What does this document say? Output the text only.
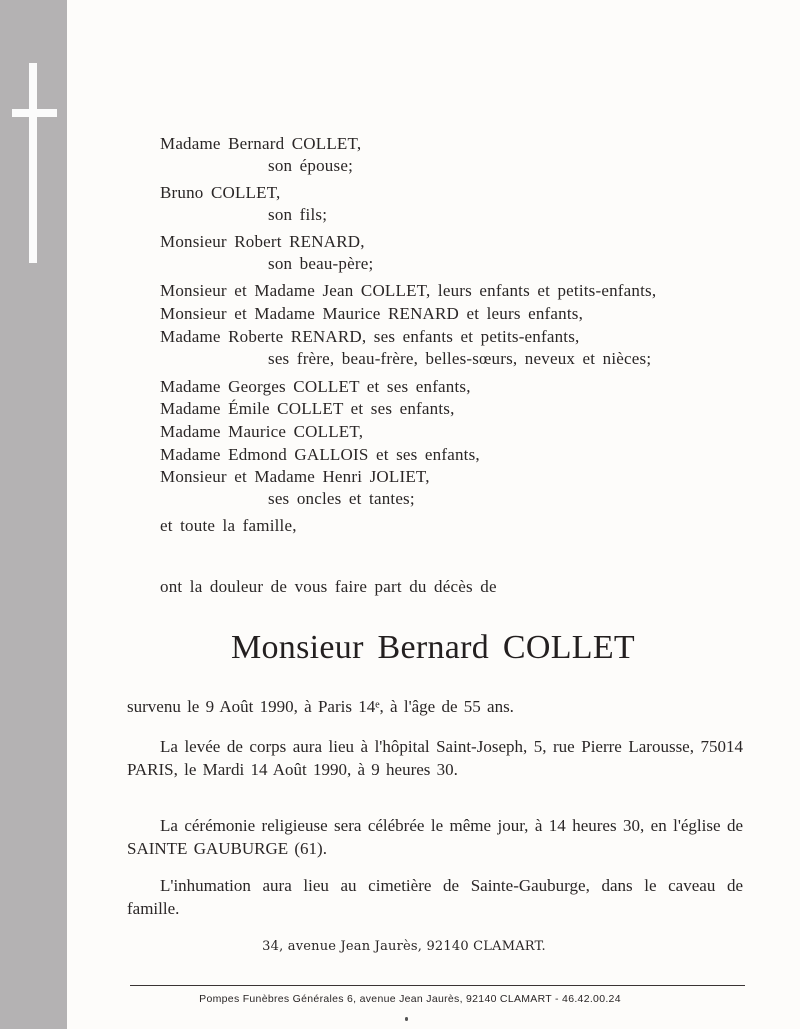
Madame Bernard COLLET,
son épouse;
Bruno COLLET,
son fils;
Monsieur Robert RENARD,
son beau-père;
Monsieur et Madame Jean COLLET, leurs enfants et petits-enfants,
Monsieur et Madame Maurice RENARD et leurs enfants,
Madame Roberte RENARD, ses enfants et petits-enfants,
ses frère, beau-frère, belles-sœurs, neveux et nièces;
Madame Georges COLLET et ses enfants,
Madame Émile COLLET et ses enfants,
Madame Maurice COLLET,
Madame Edmond GALLOIS et ses enfants,
Monsieur et Madame Henri JOLIET,
ses oncles et tantes;
et toute la famille,
ont la douleur de vous faire part du décès de
Monsieur Bernard COLLET
survenu le 9 Août 1990, à Paris 14ᵉ, à l'âge de 55 ans.
La levée de corps aura lieu à l'hôpital Saint-Joseph, 5, rue Pierre Larousse, 75014 PARIS, le Mardi 14 Août 1990, à 9 heures 30.
La cérémonie religieuse sera célébrée le même jour, à 14 heures 30, en l'église de SAINTE GAUBURGE (61).
L'inhumation aura lieu au cimetière de Sainte-Gauburge, dans le caveau de famille.
34, avenue Jean Jaurès, 92140 CLAMART.
Pompes Funèbres Générales 6, avenue Jean Jaurès, 92140 CLAMART - 46.42.00.24
